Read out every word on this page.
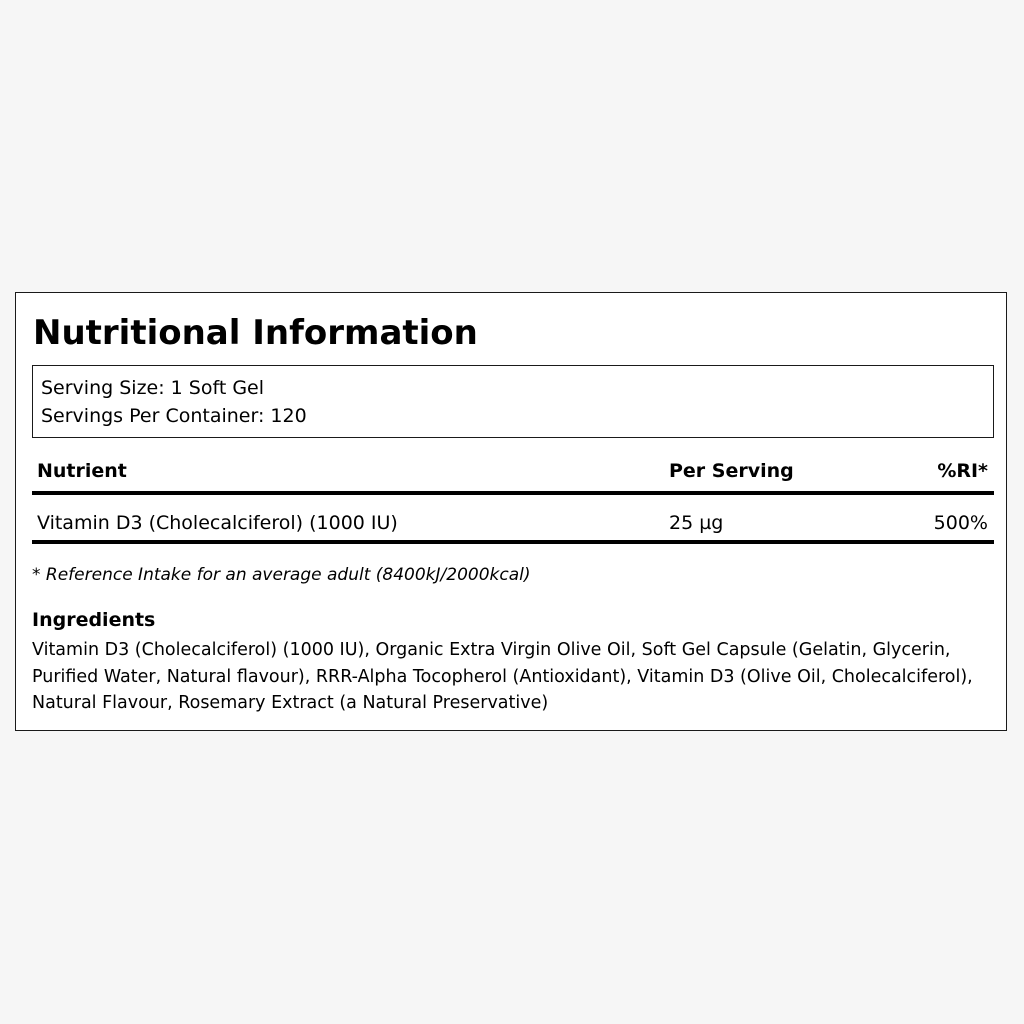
Nutritional Information
Serving Size: 1 Soft Gel
Servings Per Container: 120
Nutrient	Per Serving	%RI*
Vitamin D3 (Cholecalciferol) (1000 IU)	25 µg	500%
* Reference Intake for an average adult (8400kJ/2000kcal)
Ingredients

Vitamin D3 (Cholecalciferol) (1000 IU), Organic Extra Virgin Olive Oil, Soft Gel Capsule (Gelatin, Glycerin, Purified Water, Natural flavour), RRR-Alpha Tocopherol (Antioxidant), Vitamin D3 (Olive Oil, Cholecalciferol), Natural Flavour, Rosemary Extract (a Natural Preservative)
